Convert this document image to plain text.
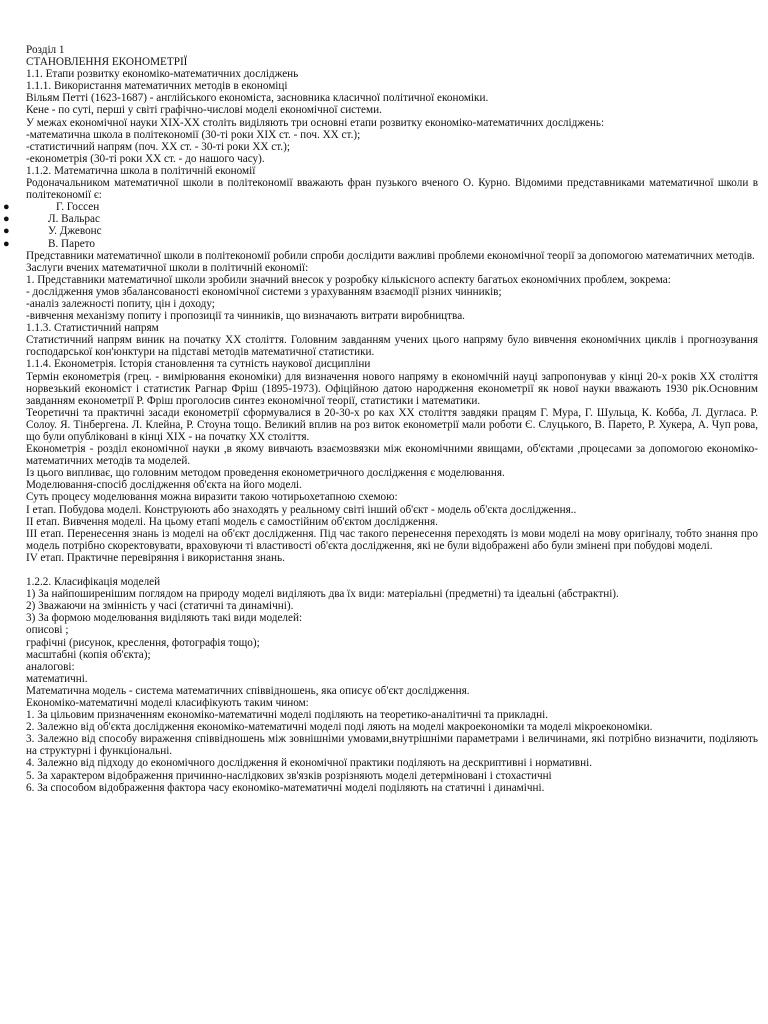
Розділ 1
СТАНОВЛЕННЯ ЕКОНОМЕТРІЇ
1.1. Етапи розвитку економіко-математичних досліджень
1.1.1. Використання математичних методів в економіці
Вільям Петті (1623-1687) - англійського економіста, засновника класичної політичної економіки.
Кене - по суті, перші у світі графічно-числові моделі економічної системи.
У межах економічної науки XIX-XX століть виділяють три основні етапи розвитку економіко-математичних досліджень:
-математична школа в політекономії (30-ті роки XIX ст. - поч. XX ст.);
-статистичний напрям (поч. XX ст. - 30-ті роки XX ст.);
-економетрія (30-ті роки XX ст. - до нашого часу).
1.1.2. Математична школа в політичній економії
Родоначальником математичної школи в політекономії вважають фран пузького вченого О. Курно. Відомими представниками математичної школи в політекономії є:
●	Г. Госсен
●	Л. Вальрас
●	У. Джевонс
●	В. Парето
Представники математичної школи в політекономії робили спроби дослідити важливі проблеми економічної теорії за допомогою математичних методів.
Заслуги вчених математичної школи в політичній економії:
1. Представники математичної школи зробили значний внесок у розробку кількісного аспекту багатьох економічних проблем, зокрема:
- дослідження умов збалансованості економічної системи з урахуванням взаємодії різних чинників;
-аналіз залежності попиту, цін і доходу;
-вивчення механізму попиту і пропозиції та чинників, що визначають витрати виробництва.
1.1.3. Статистичний напрям
Статистичний напрям виник на початку XX століття. Головним завданням учених цього напряму було вивчення економічних циклів і прогнозування господарської кон'юнктури на підставі методів математичної статистики.
1.1.4. Економетрія. Історія становлення та сутність наукової дисципліни
Термін економетрія (грец. - вимірювання економіки) для визначення нового напряму в економічній науці запропонував у кінці 20-х років XX століття норвезький економіст і статистик Рагнар Фріш (1895-1973). Офіційною датою народження економетрії як нової науки вважають 1930 рік.Основним завданням економетрії Р. Фріш проголосив синтез економічної теорії, статистики і математики.
Теоретичні та практичні засади економетрії сформувалися в 20-30-х ро ках XX століття завдяки працям Г. Мура, Г. Шульца, К. Кобба, Л. Дугласа. Р. Солоу. Я. Тінбергена. Л. Клейна, Р. Стоуна тощо. Великий вплив на роз виток економетрії мали роботи Є. Слуцького, В. Парето, Р. Хукера, А. Чуп рова, що були опубліковані в кінці XIX - на початку XX століття.
Економетрія - розділ економічної науки ,в якому вивчають взаємозвязки між економічними явищами, об'єктами ,процесами за допомогою економіко-математичних методів та моделей.
Із цього випливає, що головним методом проведення економетричного дослідження є моделювання.
Моделювання-спосіб дослідження об'єкта на його моделі.
Суть процесу моделювання можна виразити такою чотирьохетапною схемою:
І етап. Побудова моделі. Конструюють або знаходять у реальному світі інший об'єкт - модель об'єкта дослідження..
ІІ етап. Вивчення моделі. На цьому етапі модель є самостійним об'єктом дослідження.
ІІІ етап. Перенесення знань із моделі на об'єкт дослідження. Під час такого перенесення переходять із мови моделі на мову оригіналу, тобто знання про модель потрібно скоректовувати, враховуючи ті властивості об'єкта дослідження, які не були відображені або були змінені при побудові моделі.
IV етап. Практичне перевіряння і використання знань.
1.2.2. Класифікація моделей
1) За найпоширенішим поглядом на природу моделі виділяють два їх види: матеріальні (предметні) та ідеальні (абстрактні).
2) Зважаючи на змінність у часі (статичні та динамічні).
3) За формою моделювання виділяють такі види моделей:
описові ;
графічні (рисунок, креслення, фотографія тощо);
масштабні (копія об'єкта);
аналогові:
математичні.
Математична модель - система математичних співвідношень, яка описує об'єкт дослідження.
Економіко-математичні моделі класифікують таким чином:
1. За цільовим призначенням економіко-математичні моделі поділяють на теоретико-аналітичні та прикладні.
2. Залежно від об'єкта дослідження економіко-математичні моделі поді ляють на моделі макроекономіки та моделі мікроекономіки.
3. Залежно від способу вираження співвідношень між зовнішніми умовами,внутрішніми параметрами і величинами, які потрібно визначити, поділяють на структурні і функціональні.
4. Залежно від підходу до економічного дослідження й економічної практики поділяють на дескриптивні і нормативні.
5. За характером відображення причинно-наслідкових зв'язків розрізняють моделі детерміновані і стохастичні
6. За способом відображення фактора часу економіко-математичні моделі поділяють на статичні і динамічні.
